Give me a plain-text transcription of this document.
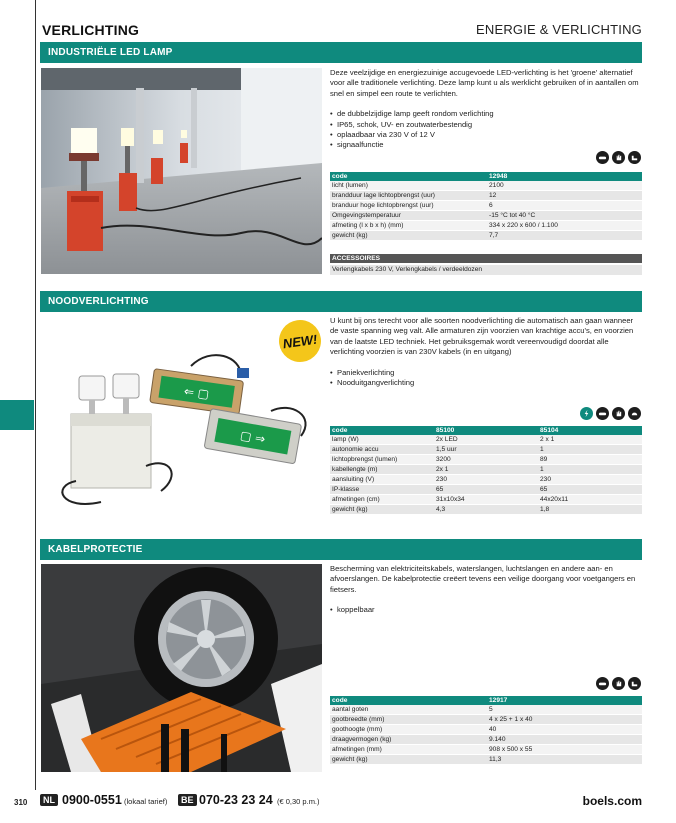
VERLICHTING	ENERGIE & VERLICHTING
INDUSTRIËLE LED LAMP

Deze veelzijdige en energiezuinige accugevoede LED-verlichting is het 'groene' alternatief voor alle traditionele verlichting. Deze lamp kunt u als werklicht gebruiken of in aantallen om snel en simpel een route te verlichten.

• de dubbelzijdige lamp geeft rondom verlichting
• IP65, schok, UV- en zoutwaterbestendig
• oplaadbaar via 230 V of 12 V
• signaalfunctie
code	12948
licht (lumen)	2100
brandduur lage lichtopbrengst (uur)	12
branduur hoge lichtopbrengst (uur)	6
Omgevingstemperatuur	-15 °C tot 40 °C
afmeting (l x b x h) (mm)	334 x 220 x 600 / 1.100
gewicht (kg)	7,7
ACCESSOIRES
Verlengkabels 230 V, Verlengkabels / verdeeldozen
NOODVERLICHTING
⇐ ▢
▢ ⇒
NEW!

U kunt bij ons terecht voor alle soorten noodverlichting die automatisch aan gaan wanneer de vaste spanning weg valt. Alle armaturen zijn voorzien van krachtige accu's, en voorzien van de laatste LED techniek. Het gebruiksgemak wordt vereenvoudigd doordat alle verlichting voorzien is van 230V kabels (in en uitgang)

• Paniekverlichting
• Nooduitgangverlichting
code	85100	85104
lamp (W)	2x LED	2 x 1
autonomie accu	1,5 uur	1
lichtopbrengst (lumen)	3200	89
kabellengte (m)	2x 1	1
aansluiting (V)	230	230
IP-klasse	65	65
afmetingen (cm)	31x10x34	44x20x11
gewicht (kg)	4,3	1,8
KABELPROTECTIE

Bescherming van elektriciteitskabels, waterslangen, luchtslangen en andere aan- en afvoerslangen. De kabelprotectie creëert tevens een veilige doorgang voor voetgangers en fietsers.

• koppelbaar
code	12917
aantal goten	5
gootbreedte (mm)	4 x 25 + 1 x 40
goothoogte (mm)	40
draagvermogen (kg)	9.140
afmetingen (mm)	908 x 500 x 55
gewicht (kg)	11,3
310	NL 0900-0551 (lokaal tarief)	BE 070-23 23 24 (€ 0,30 p.m.)	boels.com
